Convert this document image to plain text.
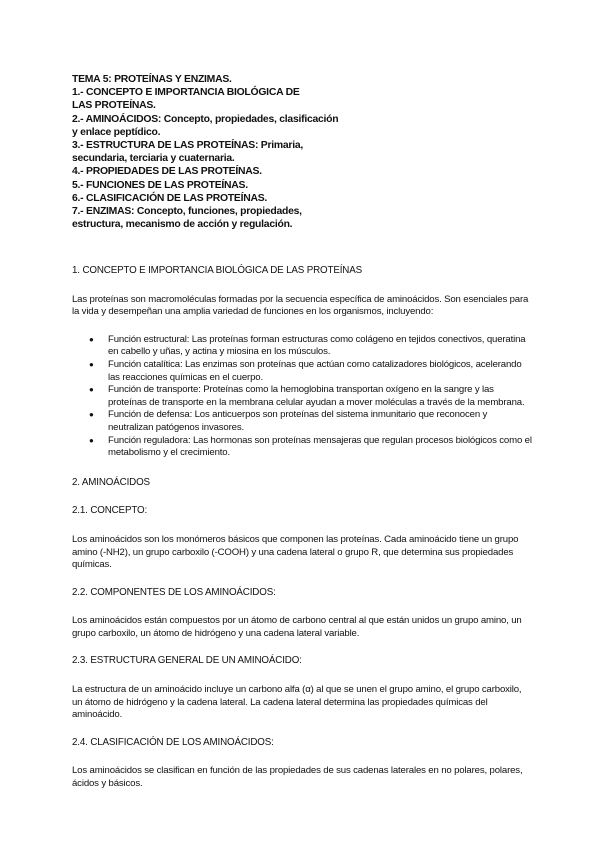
TEMA 5: PROTEÍNAS Y ENZIMAS.
1.- CONCEPTO E IMPORTANCIA BIOLÓGICA DE
LAS PROTEÍNAS.
2.- AMINOÁCIDOS: Concepto, propiedades, clasificación
y enlace peptídico.
3.- ESTRUCTURA DE LAS PROTEÍNAS: Primaria,
secundaria, terciaria y cuaternaria.
4.- PROPIEDADES DE LAS PROTEÍNAS.
5.- FUNCIONES DE LAS PROTEÍNAS.
6.- CLASIFICACIÓN DE LAS PROTEÍNAS.
7.- ENZIMAS: Concepto, funciones, propiedades,
estructura, mecanismo de acción y regulación.

1. CONCEPTO E IMPORTANCIA BIOLÓGICA DE LAS PROTEÍNAS

Las proteínas son macromoléculas formadas por la secuencia específica de aminoácidos. Son esenciales para la vida y desempeñan una amplia variedad de funciones en los organismos, incluyendo:

● Función estructural: Las proteínas forman estructuras como colágeno en tejidos conectivos, queratina en cabello y uñas, y actina y miosina en los músculos.
● Función catalítica: Las enzimas son proteínas que actúan como catalizadores biológicos, acelerando las reacciones químicas en el cuerpo.
● Función de transporte: Proteínas como la hemoglobina transportan oxígeno en la sangre y las proteínas de transporte en la membrana celular ayudan a mover moléculas a través de la membrana.
● Función de defensa: Los anticuerpos son proteínas del sistema inmunitario que reconocen y neutralizan patógenos invasores.
● Función reguladora: Las hormonas son proteínas mensajeras que regulan procesos biológicos como el metabolismo y el crecimiento.

2. AMINOÁCIDOS

2.1. CONCEPTO:

Los aminoácidos son los monómeros básicos que componen las proteínas. Cada aminoácido tiene un grupo amino (-NH2), un grupo carboxilo (-COOH) y una cadena lateral o grupo R, que determina sus propiedades químicas.

2.2. COMPONENTES DE LOS AMINOÁCIDOS:

Los aminoácidos están compuestos por un átomo de carbono central al que están unidos un grupo amino, un grupo carboxilo, un átomo de hidrógeno y una cadena lateral variable.

2.3. ESTRUCTURA GENERAL DE UN AMINOÁCIDO:

La estructura de un aminoácido incluye un carbono alfa (α) al que se unen el grupo amino, el grupo carboxilo, un átomo de hidrógeno y la cadena lateral. La cadena lateral determina las propiedades químicas del aminoácido.

2.4. CLASIFICACIÓN DE LOS AMINOÁCIDOS:

Los aminoácidos se clasifican en función de las propiedades de sus cadenas laterales en no polares, polares, ácidos y básicos.
